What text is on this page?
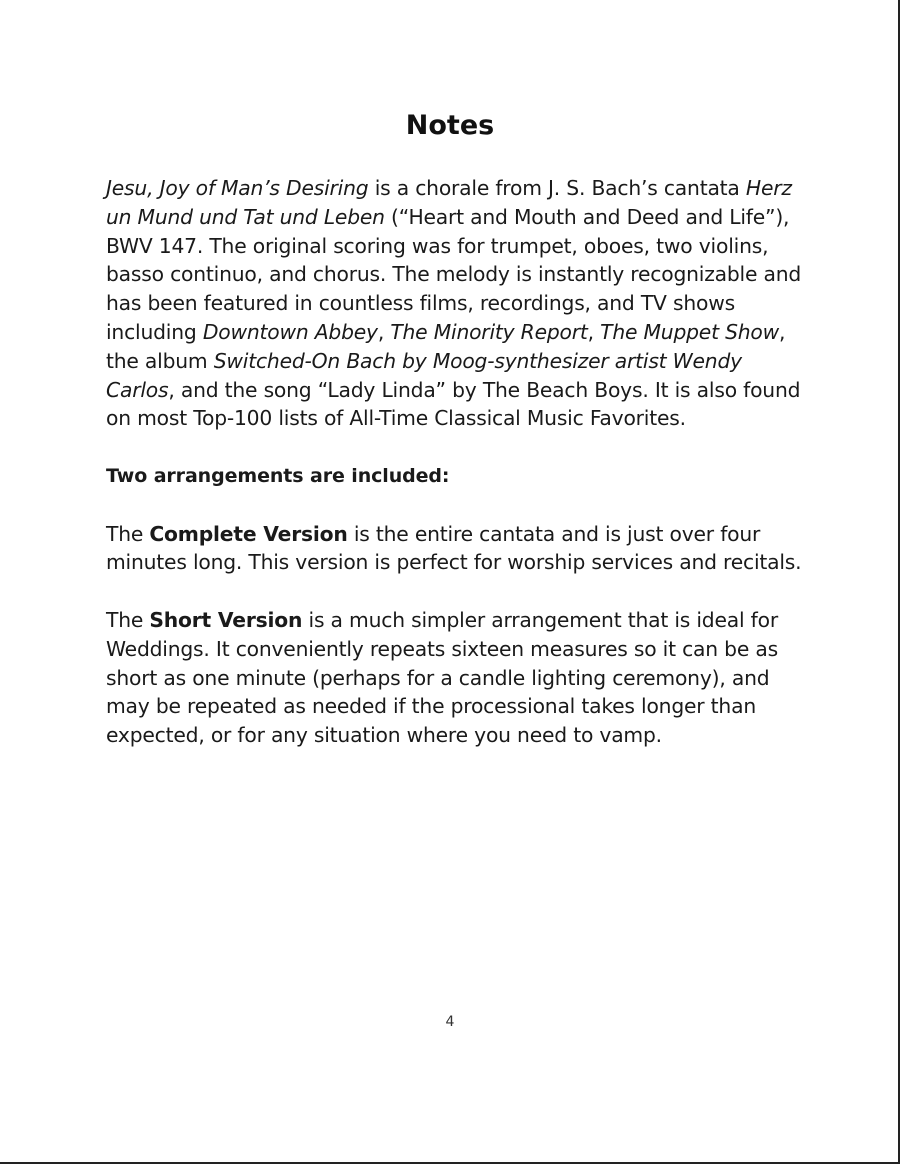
Notes

Jesu, Joy of Man’s Desiring is a chorale from J. S. Bach’s cantata Herz un Mund und Tat und Leben (“Heart and Mouth and Deed and Life”), BWV 147. The original scoring was for trumpet, oboes, two violins, basso continuo, and chorus. The melody is instantly recognizable and has been featured in countless films, recordings, and TV shows including Downtown Abbey, The Minority Report, The Muppet Show, the album Switched-On Bach by Moog-synthesizer artist Wendy Carlos, and the song “Lady Linda” by The Beach Boys. It is also found on most Top-100 lists of All-Time Classical Music Favorites.

Two arrangements are included:

The Complete Version is the entire cantata and is just over four minutes long. This version is perfect for worship services and recitals.

The Short Version is a much simpler arrangement that is ideal for Weddings. It conveniently repeats sixteen measures so it can be as short as one minute (perhaps for a candle lighting ceremony), and may be repeated as needed if the processional takes longer than expected, or for any situation where you need to vamp.

4
